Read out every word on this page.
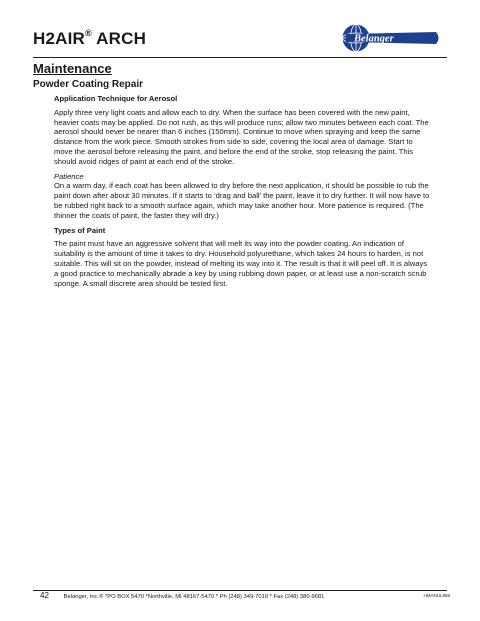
H2AIR® ARCH	Belanger
Maintenance
Powder Coating Repair
Application Technique for Aerosol

Apply three very light coats and allow each to dry. When the surface has been covered with the new paint, heavier coats may be applied. Do not rush, as this will produce runs; allow two minutes between each coat. The aerosol should never be nearer than 6 inches (150mm). Continue to move when spraying and keep the same distance from the work piece. Smooth strokes from side to side, covering the local area of damage. Start to move the aerosol before releasing the paint, and before the end of the stroke, stop releasing the paint. This should avoid ridges of paint at each end of the stroke.

Patience
On a warm day, if each coat has been allowed to dry before the next application, it should be possible to rub the paint down after about 30 minutes. If it starts to ‘drag and ball’ the paint, leave it to dry further. It will now have to be rubbed right back to a smooth surface again, which may take another hour. More patience is required. (The thinner the coats of paint, the faster they will dry.)

Types of Paint

The paint must have an aggressive solvent that will melt its way into the powder coating. An indication of suitability is the amount of time it takes to dry. Household polyurethane, which takes 24 hours to harden, is not suitable. This will sit on the powder, instead of melting its way into it. The result is that it will peel off. It is always a good practice to mechanically abrade a key by using rubbing down paper, or at least use a non-scratch scrub sponge. A small discrete area should be tested first.

42	Belanger, Inc.® *PO BOX 5470 *Northville, MI 48167-5470 * Ph (248) 349-7010 * Fax (248) 380-9681	HMANUL956
